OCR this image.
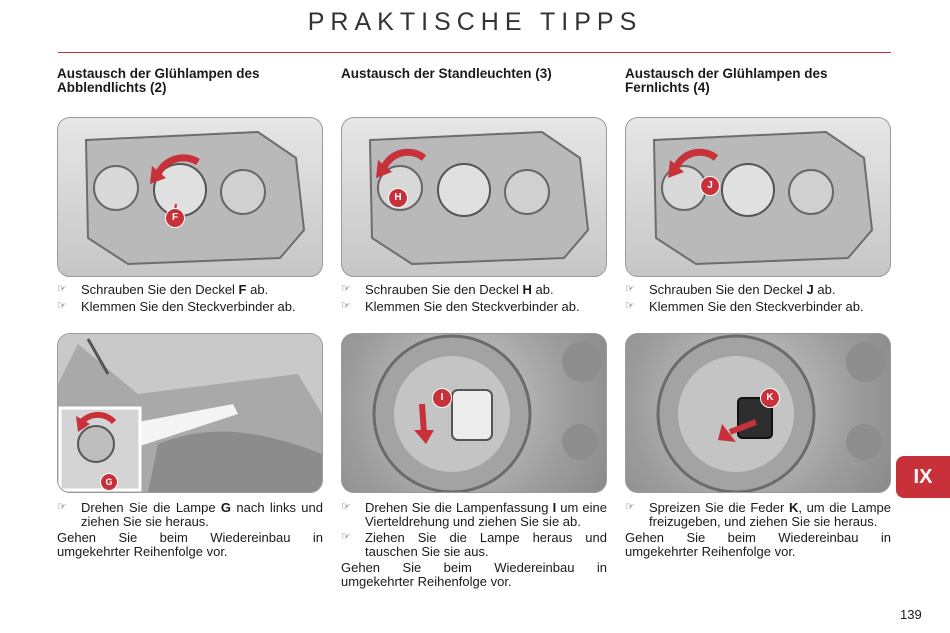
PRAKTISCHE TIPPS
Austausch der Glühlampen des Abblendlichts (2)
F

☞ Schrauben Sie den Deckel F ab.

☞ Klemmen Sie den Steckverbinder ab.

G

☞ Drehen Sie die Lampe G nach links und ziehen Sie sie heraus.

Gehen Sie beim Wiedereinbau in umgekehrter Reihenfolge vor.

Austausch der Standleuchten (3)
H

☞ Schrauben Sie den Deckel H ab.

☞ Klemmen Sie den Steckverbinder ab.

I

☞ Drehen Sie die Lampenfassung I um eine Vierteldrehung und ziehen Sie sie ab.

☞ Ziehen Sie die Lampe heraus und tauschen Sie sie aus.

Gehen Sie beim Wiedereinbau in umgekehrter Reihenfolge vor.

Austausch der Glühlampen des Fernlichts (4)
J

☞ Schrauben Sie den Deckel J ab.

☞ Klemmen Sie den Steckverbinder ab.

K

☞ Spreizen Sie die Feder K, um die Lampe freizugeben, und ziehen Sie sie heraus.

Gehen Sie beim Wiedereinbau in umgekehrter Reihenfolge vor.

IX
139
